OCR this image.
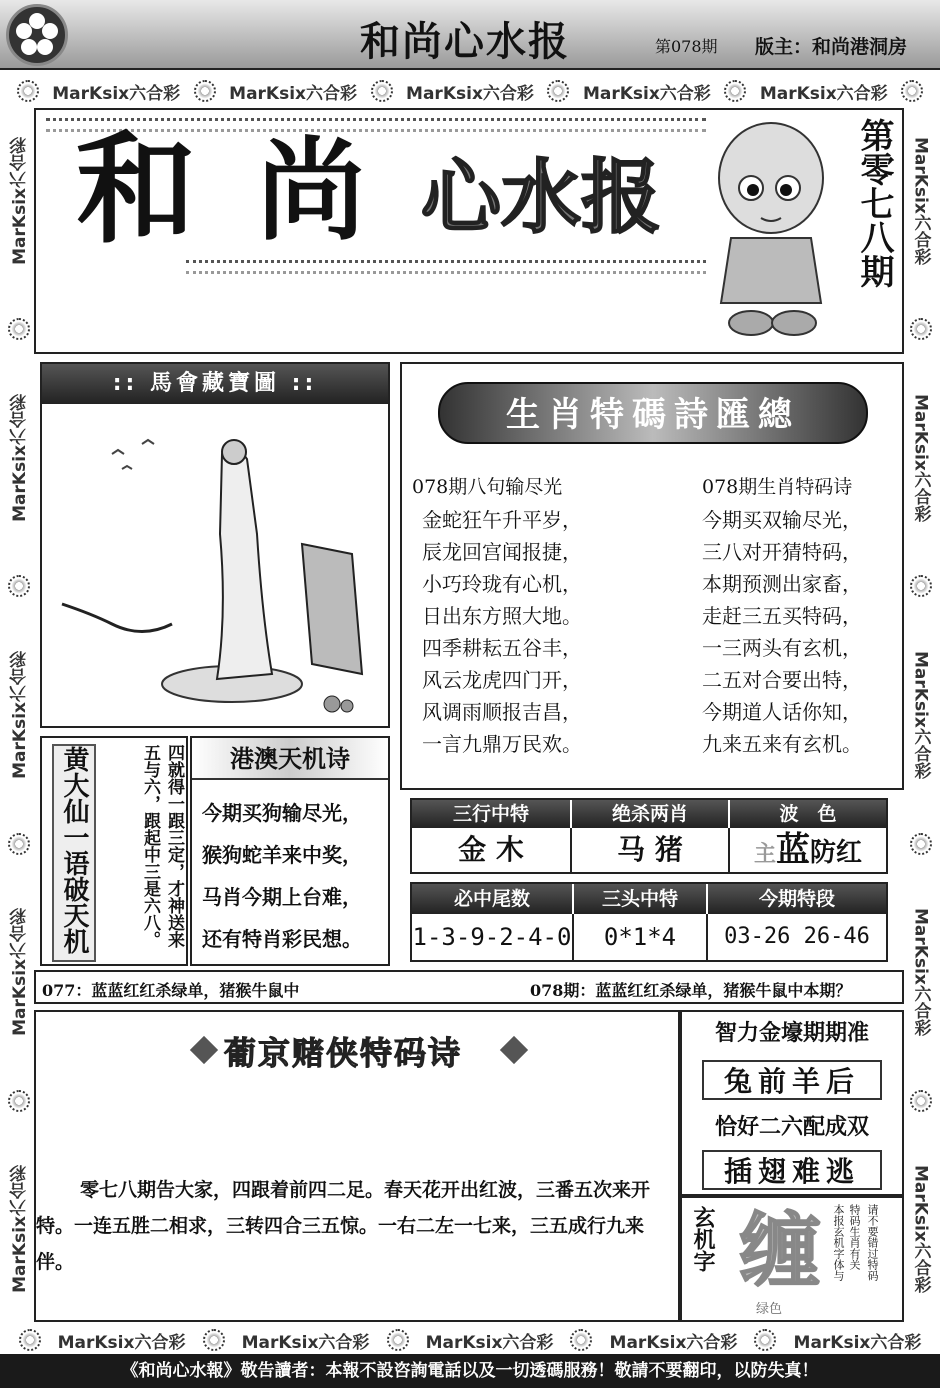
和尚心水报	第078期 版主：和尚港洞房
MarKsix六合彩	MarKsix六合彩	MarKsix六合彩	MarKsix六合彩	MarKsix六合彩
MarKsix六合彩
MarKsix六合彩
MarKsix六合彩
MarKsix六合彩
MarKsix六合彩
MarKsix六合彩
MarKsix六合彩
MarKsix六合彩
MarKsix六合彩
MarKsix六合彩
和 尚 心水报	第零七八期
:: 馬會藏寶圖 ::
生肖特碼詩匯總
078期八句输尽光	078期生肖特码诗
金蛇狂午升平岁，
辰龙回宫闻报捷，
小巧玲珑有心机，
日出东方照大地。
四季耕耘五谷丰，
风云龙虎四门开，
风调雨顺报吉昌，
一言九鼎万民欢。
今期买双输尽光，
三八对开猜特码，
本期预测出家畜，
走赶三五买特码，
一三两头有玄机，
二五对合要出特，
今期道人话你知，
九来五来有玄机。
黄大仙一语破天机	四就得一跟三定，才神送来五与六，跟起中三是六八。	港澳天机诗
今期买狗输尽光，
猴狗蛇羊来中奖，
马肖今期上台难，
还有特肖彩民想。
三行中特	绝杀两肖	波　色
金 木	马 猪	主蓝防红
必中尾数	三头中特	今期特段
1-3-9-2-4-0	0*1*4	03-26 26-46
077：蓝蓝红红杀绿单，猪猴牛鼠中	078期：蓝蓝红红杀绿单，猪猴牛鼠中本期？
葡京赌侠特码诗
零七八期告大家，四跟着前四二足。春天花开出红波，三番五次来开特。一连五胜二相求，三转四合三五惊。一右二左一七来，三五成行九来伴。
智力金壕期期准
兔前羊后
恰好二六配成双
插翅难逃
玄机字 缠
绿色
特码生肖有关
本报玄机字体与 请不要错过特码
MarKsix六合彩	MarKsix六合彩	MarKsix六合彩	MarKsix六合彩	MarKsix六合彩
《和尚心水報》敬告讀者：本報不設咨詢電話以及一切透碼服務！敬請不要翻印，以防失真！
